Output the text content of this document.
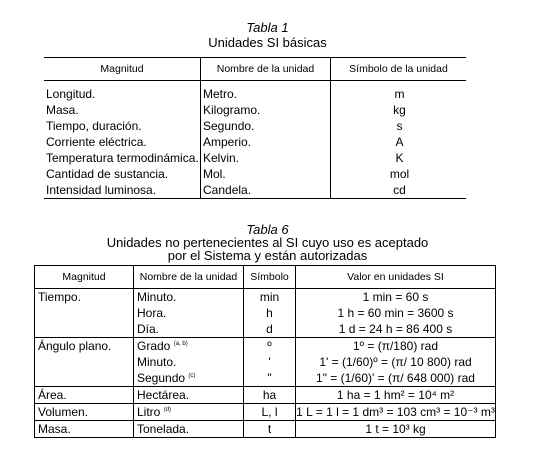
Tabla 1
Unidades SI básicas
Magnitud	Nombre de la unidad	Símbolo de la unidad

Longitud.	Metro.	m
Masa.	Kilogramo.	kg
Tiempo, duración.	Segundo.	s
Corriente eléctrica.	Amperio.	A
Temperatura termodinámica.	Kelvin.	K
Cantidad de sustancia.	Mol.	mol
Intensidad luminosa.	Candela.	cd
Tabla 6
Unidades no pertenecientes al SI cuyo uso es aceptado
por el Sistema y están autorizadas
Magnitud	Nombre de la unidad	Símbolo	Valor en unidades SI
Tiempo.	Minuto.	min	1 min = 60 s
	Hora.	h	1 h = 60 min = 3600 s
	Día.	d	1 d = 24 h = 86 400 s
Ángulo plano.	Grado $^{(a, b)}$	º	1º = (π/180) rad
	Minuto.	'	1' = (1/60)º = (π/ 10 800) rad
	Segundo $^{(c)}$	"	1" = (1/60)' = (π/ 648 000) rad
Área.	Hectárea.	ha	1 ha = 1 hm² = 10⁴ m²
Volumen.	Litro $^{(d)}$	L, l	1 L = 1 l = 1 dm³ = 103 cm³ = 10⁻³ m³
Masa.	Tonelada.	t	1 t = 10³ kg
